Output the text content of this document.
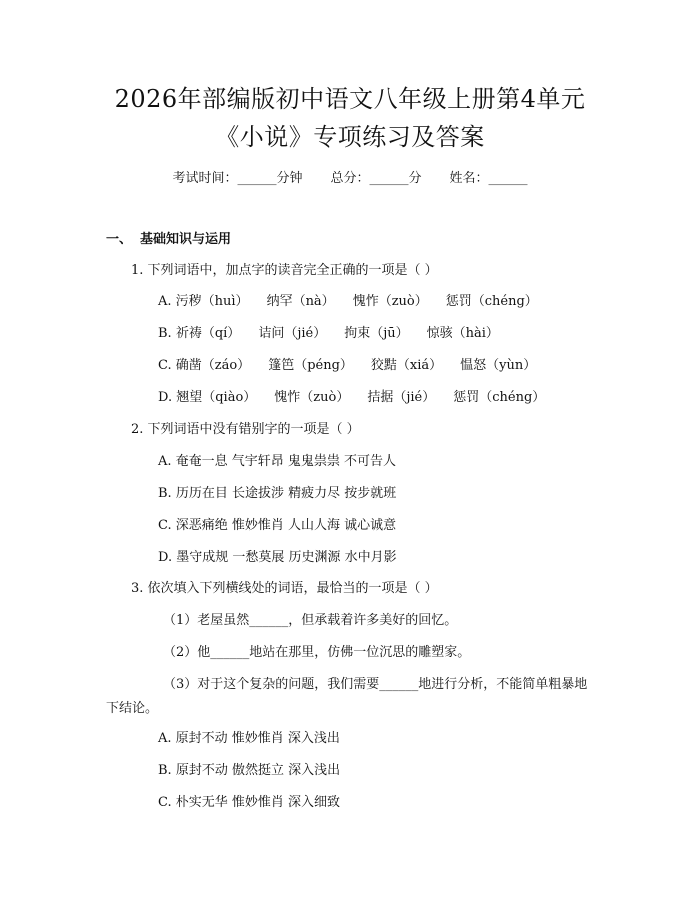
2026年部编版初中语文八年级上册第4单元
《小说》专项练习及答案
考试时间：______分钟 总分：______分 姓名：______
一、 基础知识与运用
1. 下列词语中，加点字的读音完全正确的一项是（ ）
A. 污秽（huì） 纳罕（nà） 愧怍（zuò） 惩罚（chéng）
B. 祈祷（qí） 诘问（jié） 拘束（jū） 惊骇（hài）
C. 确凿（záo） 篷笆（péng） 狡黠（xiá） 愠怒（yùn）
D. 翘望（qiào） 愧怍（zuò） 拮据（jié） 惩罚（chéng）
2. 下列词语中没有错别字的一项是（ ）
A. 奄奄一息 气宇轩昂 鬼鬼祟祟 不可告人
B. 历历在目 长途拔涉 精疲力尽 按步就班
C. 深恶痛绝 惟妙惟肖 人山人海 诚心诚意
D. 墨守成规 一愁莫展 历史渊源 水中月影
3. 依次填入下列横线处的词语，最恰当的一项是（ ）
（1）老屋虽然______，但承载着许多美好的回忆。
（2）他______地站在那里，仿佛一位沉思的雕塑家。
（3）对于这个复杂的问题，我们需要______地进行分析，不能简单粗暴地下结论。
A. 原封不动 惟妙惟肖 深入浅出
B. 原封不动 傲然挺立 深入浅出
C. 朴实无华 惟妙惟肖 深入细致
